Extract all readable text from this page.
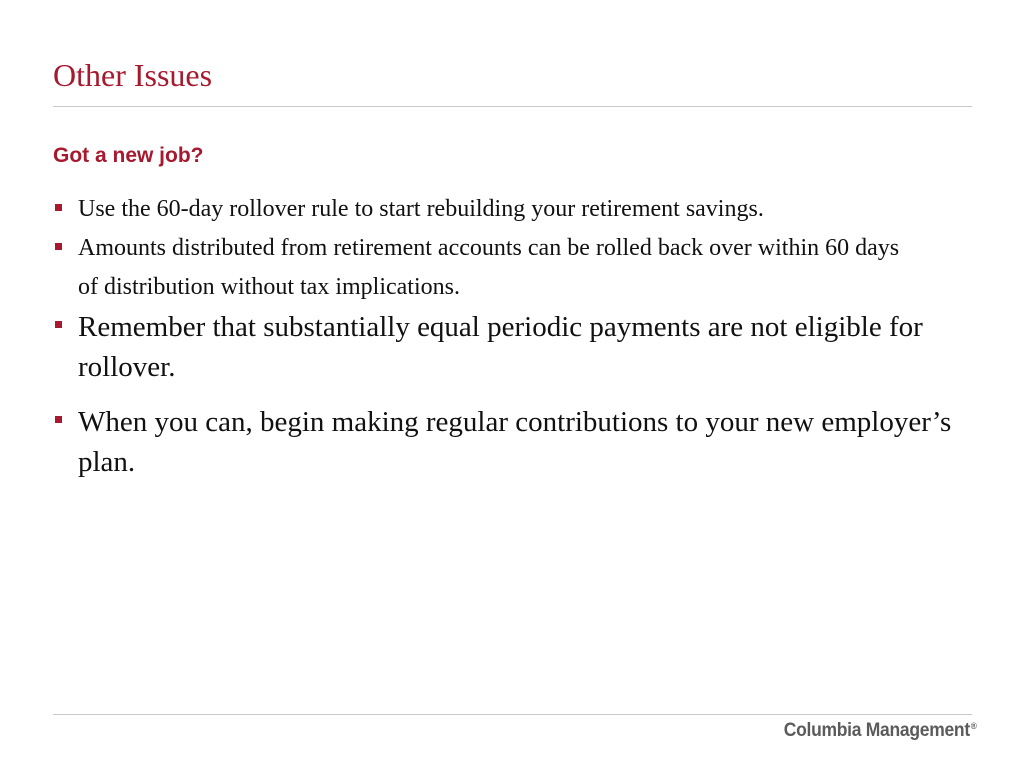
Other Issues
Got a new job?
Use the 60-day rollover rule to start rebuilding your retirement savings.
Amounts distributed from retirement accounts can be rolled back over within 60 days of distribution without tax implications.
Remember that substantially equal periodic payments are not eligible for rollover.
When you can, begin making regular contributions to your new employer’s plan.
Columbia Management®
